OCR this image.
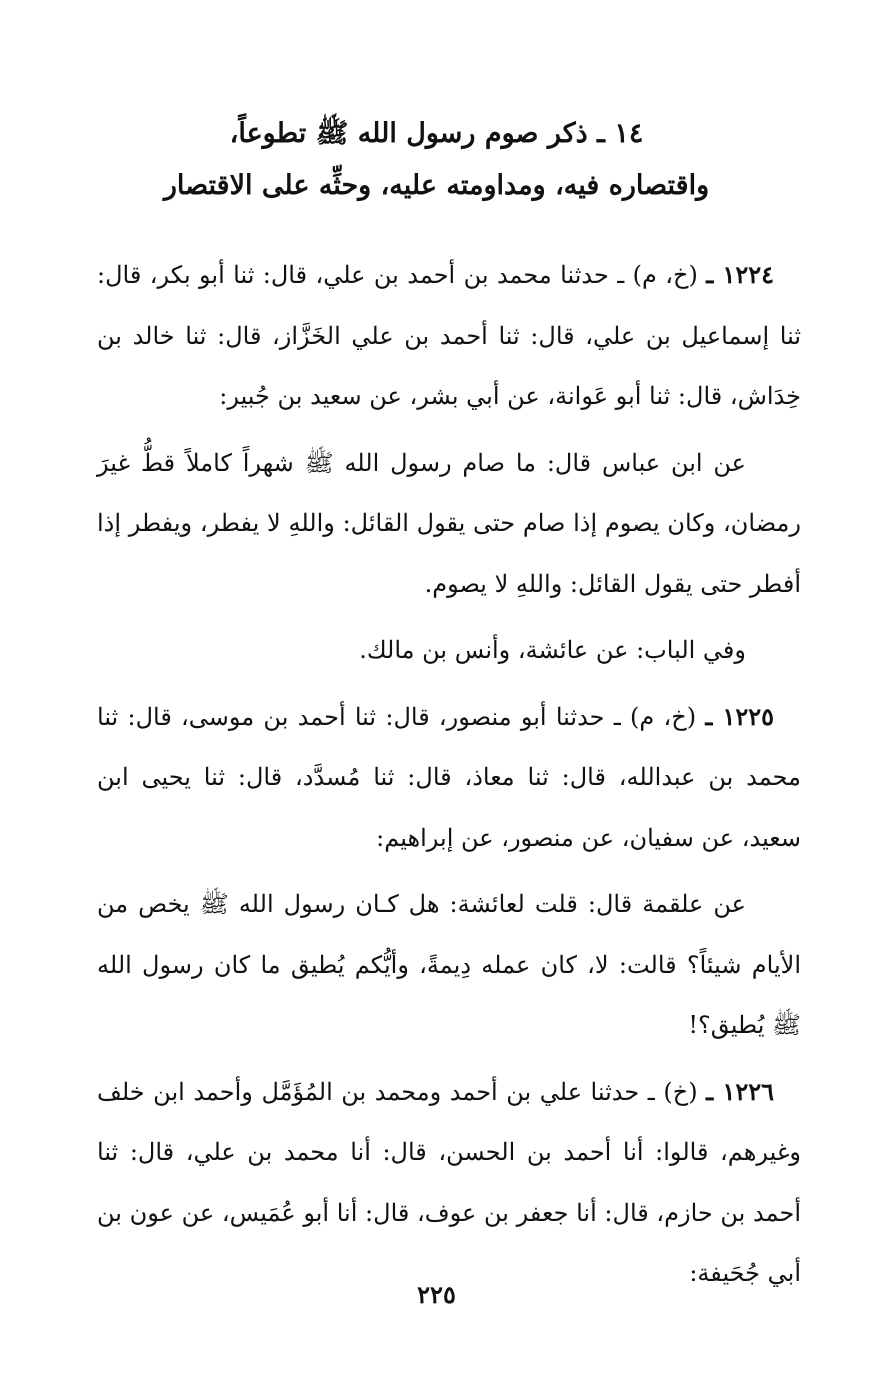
١٤ ـ ذكر صوم رسول الله ﷺ تطوعاً،
واقتصاره فيه، ومداومته عليه، وحثِّه على الاقتصار

١٢٢٤ ـ (خ، م) ـ حدثنا محمد بن أحمد بن علي، قال: ثنا أبو بكر، قال: ثنا إسماعيل بن علي، قال: ثنا أحمد بن علي الخَزَّاز، قال: ثنا خالد بن خِدَاش، قال: ثنا أبو عَوانة، عن أبي بشر، عن سعيد بن جُبير:

عن ابن عباس قال: ما صام رسول الله ﷺ شهراً كاملاً قطُّ غيرَ رمضان، وكان يصوم إذا صام حتى يقول القائل: واللهِ لا يفطر، ويفطر إذا أفطر حتى يقول القائل: واللهِ لا يصوم.

وفي الباب: عن عائشة، وأنس بن مالك.

١٢٢٥ ـ (خ، م) ـ حدثنا أبو منصور، قال: ثنا أحمد بن موسى، قال: ثنا محمد بن عبدالله، قال: ثنا معاذ، قال: ثنا مُسدَّد، قال: ثنا يحيى ابن سعيد، عن سفيان، عن منصور، عن إبراهيم:

عن علقمة قال: قلت لعائشة: هل كـان رسول الله ﷺ يخص من الأيام شيئاً؟ قالت: لا، كان عمله دِيمةً، وأيُّكم يُطيق ما كان رسول الله ﷺ يُطيق؟!

١٢٢٦ ـ (خ) ـ حدثنا علي بن أحمد ومحمد بن المُؤَمَّل وأحمد ابن خلف وغيرهم، قالوا: أنا أحمد بن الحسن، قال: أنا محمد بن علي، قال: ثنا أحمد بن حازم، قال: أنا جعفر بن عوف، قال: أنا أبو عُمَيس، عن عون بن أبي جُحَيفة:

٢٢٥
